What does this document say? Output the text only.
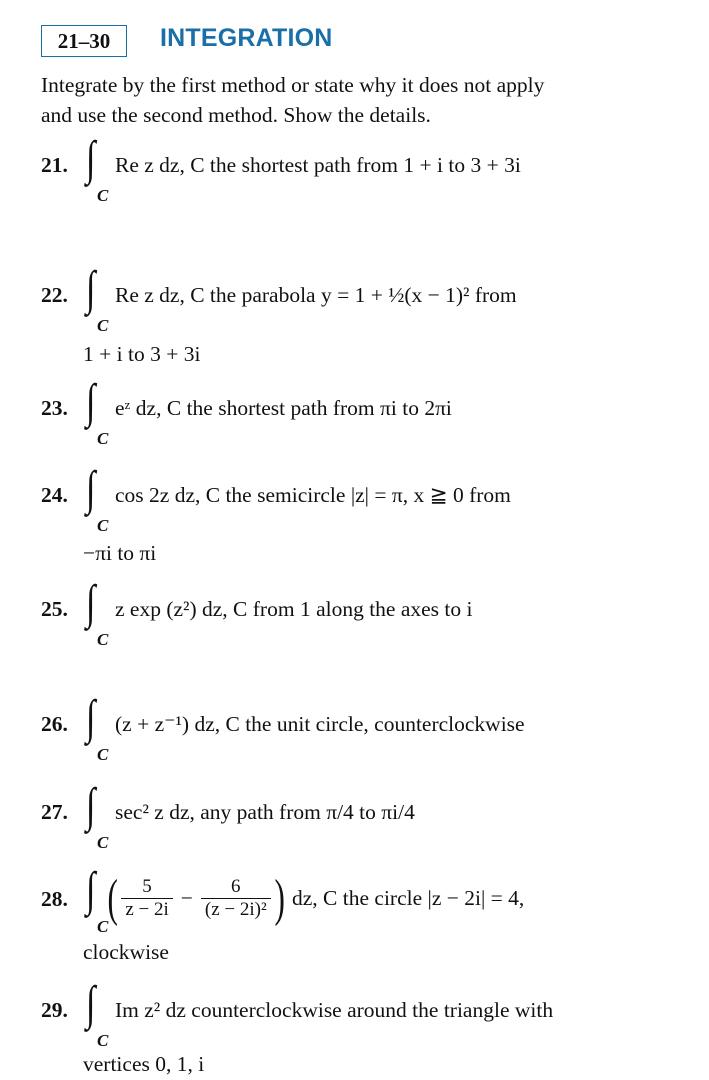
21–30 INTEGRATION
Integrate by the first method or state why it does not apply
and use the second method. Show the details.
21. ∫
C
Re z dz, C the shortest path from 1 + i to 3 + 3i
22. ∫
C
Re z dz, C the parabola y = 1 + ½(x − 1)² from
1 + i to 3 + 3i
23. ∫
C
eᶻ dz, C the shortest path from πi to 2πi
24. ∫
C
cos 2z dz, C the semicircle |z| = π, x ≧ 0 from
−πi to πi
25. ∫
C
z exp (z²) dz, C from 1 along the axes to i
26. ∫
C
(z + z⁻¹) dz, C the unit circle, counterclockwise
27. ∫
C
sec² z dz, any path from π/4 to πi/4
28. ∫
C ( $\frac{5}{z - 2i} - \frac{6}{\text{(z − 2i)²}}$ ) dz, C the circle |z − 2i| = 4,
clockwise
29. ∫
C
Im z² dz counterclockwise around the triangle with
vertices 0, 1, i
